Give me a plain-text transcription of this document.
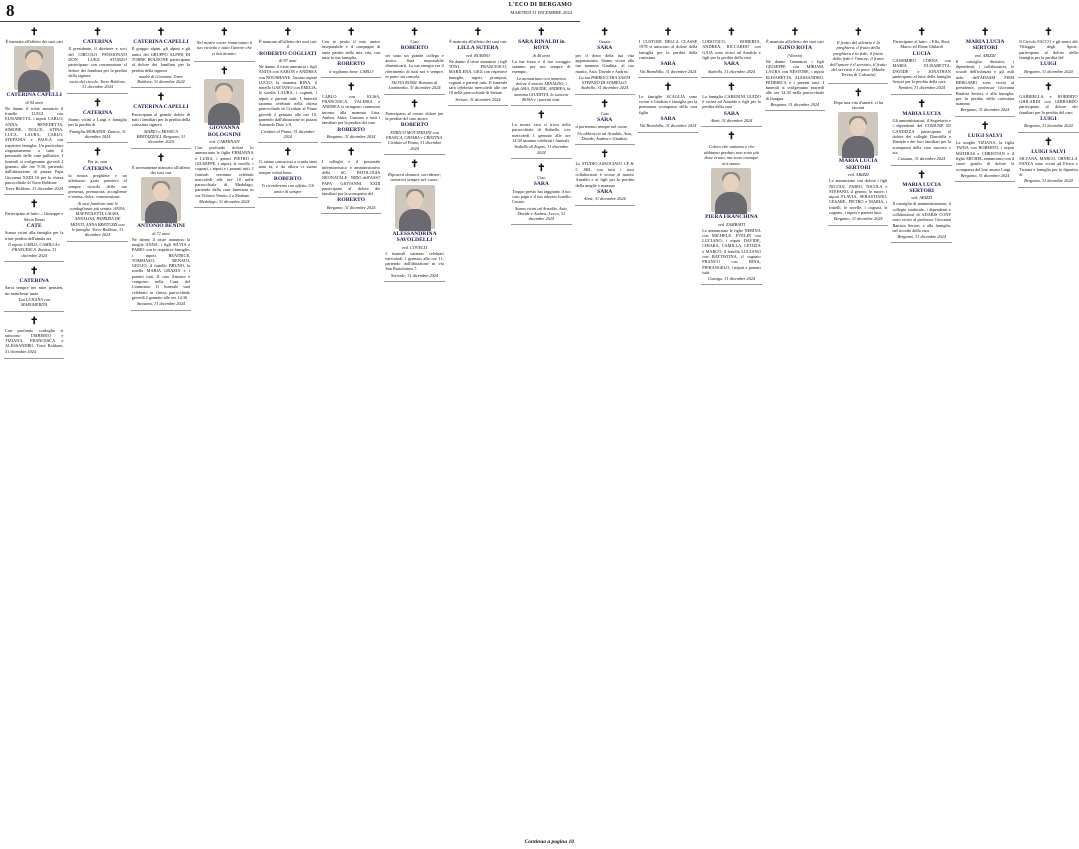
8	L'ECO DI BERGAMO
MARTEDÌ 31 DICEMBRE 2024
✝
È mancata all'affetto dei suoi cari
CATERINA CAPELLI
di 94 anni
Ne danno il triste annuncio il fratello LUIGI con ELISABETTA, i nipoti CARLO, ANNA, BENEDETTA, SIMONE, DOLCE, STINA, LUCA, LAURA, CARLO, STEFANIA e PAOLA con rispettive famiglie. Un particolare ringraziamento a tutto il personale delle cure palliative. I funerali si svolgeranno giovedì 2 gennaio alle ore 9.30, partendo dall'abitazione di piazza Papa Giovanni XXIII 16 per la chiesa parrocchiale di Torre Boldone.
Torre Boldone, 31 dicembre 2024
✝
Partecipano al lutto: – Giuseppe e Silvio Rezzi
CATE
Siamo vicini alla famiglia per la triste perdita dell'amata zia
Il nipote CARLO, CAMILLA e FRANCESCA. Zanica, 31 dicembre 2024
✝
CATERINA
Sarai sempre nei miei pensieri, mi mancherai tanto.
Tua LUIGINA con MARGHERITA
✝
Con profondo cordoglio si uniscono UMBERTO e TIZIANA, FRANCESCA e ALESSANDRO. Torre Boldone, 31 dicembre 2024
✝
CATERINA
Il presidente, il direttore e soci del CIRCOLO PENSIONATI DON LUIGI STURZO partecipano con commozione al dolore dei familiari per la perdita della signora
socia del circolo. Torre Boldone, 31 dicembre 2024
✝
CATERINA
Siamo vicini a Luigi e famiglia per la perdita di
Famiglia MORANDI. Zanica, 31 dicembre 2024
✝
Per te, cara
CATERINA
la nostra preghiera e un affettuoso grato pensiero al sempre ricordo della tua presenza, premurosa, accogliente e serena, dolce, commossione.
Ai suoi familiari tutti le condoglianze più sentite. ANNA, MAFFIOLETTI, LAURA, ANNALISA, PATRIZIA DE MONTI, ANNA BERTUZZI con le famiglie. Torre Boldone, 31 dicembre 2024
✝
CATERINA CAPELLI
Il gruppo alpini, gli alpini e gli amici del GRUPPO ALPINI DI TORRE BOLDONE partecipano al dolore dei familiari per la perdita della signora
madre di Giovanni. Torre Boldone, 31 dicembre 2024
✝
CATERINA CAPELLI
Partecipano al grande dolore di tutti i familiari per la perdita della carissima signora
MARIO e MONICA BERTAZZOLI. Bergamo, 31 dicembre 2024
✝
È serenamente mancato all'affetto dei suoi cari
ANTONIO BENINI
di 71 anni
Ne danno il triste annuncio la moglie ANNA, i figli SILVIA e FABIO con le rispettive famiglie, i nipoti BEATRICE, TOMMASO, RENATO, GIULIO, il fratello BRUNO, la sorella MARIA GRAZIA e i parenti tutti. Il caro Antonio è composto nella Casa del Commiato. Il funerale sarà celebrato in chiesa parrocchiale giovedì 2 gennaio alle ore 14.30.
Stezzano, 31 dicembre 2024
✝
Nel nostro cuore rimarranno il tuo ricordo e tutto l'amore che ci hai donato.
✝
GIOVANNA BOLOGNINI
ved. CARMINATI
Con profondo dolore lo annunciano le figlie ERMANNA e LUISA, i generi PIETRO e GIUSEPPE, i nipoti, le sorelle, i cognati, i nipoti e i parenti tutti. I funerali verranno celebrati mercoledì alle ore 10 nella parrocchiale di Medolago, partendo dalla casa funeraria in via Vittorio Veneto 2 a Madone.
Medolago, 31 dicembre 2024
✝
È mancato all'affetto dei suoi cari il
ROBERTO COGLIATI
di 87 anni
Ne danno il triste annuncio i figli ANITA con AARON e ANDREA con NOURHANE, l'amato nipote LUCIO, la mamma RINA, il fratello GAETANO con EMILIA, la sorella LAURA, i cognati, i nipoti e parenti tutti. I funerali saranno celebrati nella chiesa parrocchiale di Cividate al Piano giovedì 2 gennaio alle ore 10, partendo dall'abitazione in piazza Armando Diaz 1/A.
Cividate al Piano, 31 dicembre 2024
✝
Ci siamo conosciuti a scuola tanti anni fa, e da allora ci siamo sempre voluti bene.
ROBERTO
Ti ricorderemo con affetto. Gli amici di sempre
✝
Con te perdo il mio amico inseparabile e il compagno di tante partite nella mia vita, con tutta la sua famiglia.
ROBERTO
ti vogliamo bene. CARLO
✝
CARLO con ELISA, FRANCESCA, VALERIA e ANDREA si stringono commossi intorno alla mamma Lina, Ambra, Anita, Gaetano e tutti i familiari per la perdita del caro
ROBERTO
Bergamo, 31 dicembre 2024
✝
I colleghi e il personale infermieristico e amministrativo della SC PATOLOGIA NEONATALE - NIDO dell'ASST PAPA GIOVANNI XXIII partecipano al dolore dei familiari per la scomparsa del
ROBERTO
Bergamo, 31 dicembre 2024
✝
Ciao
ROBERTO
sei stato un grande collega e amico. Sarà impossibile dimenticarti. La tua energia era il riferimento di tutti noi e sempre, in parte, mi consola.
SILVIA ROSSI. Romano di Lombardia, 31 dicembre 2024
✝
Partecipano al vostro dolore per la perdita del caro amico
ROBERTO
ENRICO MOTTERLINI con FRANCA, CHIARA e CRISTINA. Cividate al Piano, 31 dicembre 2024
✝
Riposerà domani, sorridente; rimarrai sempre nel cuore.
ALESSANDRINA SAVOLDELLI
ved. COVELLI
I funerali saranno celebrati mercoledì 1 gennaio alle ore 11, partendo dall'abitazione in via San Bartolomeo 7.
Sorisole, 31 dicembre 2024
✝
È mancata all'affetto dei suoi cari
LILLA SUTERA
ved. RUBINO
Ne danno il triste annuncio i figli TONI, FRANCESCO, MARILENA, GIGI con rispettive famiglie, nipoti, pronipoti, cognati e parenti tutti. Il funerale sarà celebrato mercoledì alle ore 10 nella parrocchiale di Seriate.
Seriate, 31 dicembre 2024
✝
SARA RINALDI in ROTA
di 46 anni
La tua forza e il tuo coraggio saranno per noi sempre di esempio.
Lo annunciano con immenso dolore il marito ARNALDO, i figli ASIA, DAVIDE, ANDREA, la mamma GIUDITTA, la suocera ROSA e i parenti tutti.
✝
La nostra cara si trova nella parrocchiale di Stabello, ove mercoledì 1 gennaio alle ore 14.30 saranno celebrati i funerali.
Stabello di Zogno, 31 dicembre 2024
✝
Ciao
SARA
Troppo presto hai raggiunto il tuo caro papà e il tuo adorato fratello Cesare.
Siamo vicini ad Arnaldo, Asia, Davide e Andrea. Lecco, 31 dicembre 2024
✝
Grazie
SARA
per il dono della tua vita appassionata. Siamo vicini alla tua mamma Giuditta, al tuo marito, Asia, Davide e Andrea.
La tua PARROCCHIA SANTA STEFANO DI STABELLO. Stabello, 31 dicembre 2024
✝
Ciao
SARA
ti porteremo sempre nel cuore.
Un abbraccio ad Arnaldo, Asia, Davide, Andrea e Giuditta.
✝
Lo STUDIO ASSOCIATO CF & C SRL con tutti i suoi collaboratori è vicino al marito Arnaldo e ai figli per la perdita della moglie e mamma
SARA
Almè, 31 dicembre 2024
✝
I CUSTODI DELLA CLASSE 1978 si uniscono al dolore della famiglia per la perdita della carissima
SARA
Val Brembilla, 31 dicembre 2024
✝
Le famiglie SCAGLIA sono vicine a Giuditta e famiglia per la prematura scomparsa della cara figlia
SARA
Val Brembilla, 31 dicembre 2024
✝
LODOVICO, ROBERTA, ANDREA, RICCARDO con GAIA sono vicini ad Arnaldo e figli per la perdita della cara
SARA
Stabello, 31 dicembre 2024
✝
La famiglia CARENINI GUIDO è vicina ad Arnaldo e figli per la perdita della cara
SARA
Almè, 31 dicembre 2024
✝
Coloro che amiamo e che abbiamo perduto non sono più dove erano, ma sono ovunque noi siamo.
PIERA FRANCHINA
ved. ZAMBAITI
Lo annunciano le figlie NERINA con MICHELE, EVELIN con LUCIANO, i nipoti DAVIDE, CHIARA, CAMILLA, LETIZIA e MARCO, il fratello LUCIANO con BATTISTINA, il cognato FRANCO con RINA, PIERANGELO, i nipoti e parenti tutti.
Casnigo, 31 dicembre 2024
✝
È mancato all'affetto dei suoi cari
IGINO ROTA
(Vitoria)
Ne danno l'annuncio i figli GIUSEPPE con MIRIAM, LAURA con NESTORE, i nipoti ELISABETTA, ALESSANDRO, FEDERICA e i parenti tutti. I funerali si svolgeranno martedì alle ore 14.30 nella parrocchiale di Imagna.
Bergamo, 31 dicembre 2024
✝
Il frutto del silenzio è la preghiera, il frutto della preghiera è la fede, il frutto della fede è l'amore, il frutto dell'amore è il servizio, il frutto del servizio è la pace. (Madre Teresa di Calcutta)
✝
Dopo una vita d'amore, ci ha lasciati
MARIA LUCIA SERTORI
ved. ARIZZI
Lo annunciano con dolore i figli NICOLE, FABIO, NICOLA e STEFANO, il genero, le nuore, i nipoti FLAVIA, SEBASTIANO, CESARE, PIETRO e MARIA, i fratelli, le sorelle, i cognati, le cognate, i nipoti e parenti tutti.
Bergamo, 31 dicembre 2024
✝
Partecipano al lutto: – Ello, Rosì, Marco ed Elena Ghilardi
LUCIA
CASSIMIRO CORNA con MARIA ELISABETTA, DAVIDE e JONATHAN partecipano al lutto della famiglia Sertori per la perdita della cara
Nembro, 31 dicembre 2024
✝
MARIA LUCIA
Gli amministratori, il Segretario e i dipendenti del COMUNE DI CANDIZZA partecipano al dolore dei colleghi Domitilla e Daniele e dei loro familiari per la scomparsa della cara suocera e zia
Casazza, 31 dicembre 2024
✝
MARIA LUCIA SERTORI
ved. ARIZZI
Il consiglio di amministrazione, il collegio sindacale, i dipendenti e collaboratori di ADARIS CONF sono vicini al professor Giovanni Battista Sertori, e alla famiglia, nel ricordo della cara
Bergamo, 31 dicembre 2024
✝
MARIA LUCIA SERTORI
ved. ARIZZI
Il consiglio direttivo, i dipendenti, i collaboratori, le scuole dell'infanzia e gli asili nido dell'ADASM FISM BERGAMO sono vicini al presidente, professor Giovanni Battista Sertori, e alla famiglia, per la perdita della carissima mamma
Bergamo, 31 dicembre 2024
✝
LUIGI SALVI
La moglie TIZIANA, la figlia TANIA con ROBERTO, i nipoti MATHIAS e CHRISTIAN e il figlio MICHEL annunciano con il cuore gonfio di dolore la scomparsa del loro amato Luigi.
Bergamo, 31 dicembre 2024
✝
Il Circolo FACCO e gli amici del Villaggio degli Sposi, partecipano al dolore della famiglia per la perdita del
LUIGI
Bergamo, 31 dicembre 2024
✝
GABRIELLA e ROBERTO GHILARDI con GHIRARDO partecipano al dolore dei familiari per la perdita del caro
LUIGI
Bergamo, 31 dicembre 2024
✝
LUIGI SALVI
SILVANA, MARCO, ORNELLA FANZA sono vicini ad Elvira e Tiziana e famiglia per la dipartita di
Bergamo, 31 dicembre 2024
Continua a pagina 10
